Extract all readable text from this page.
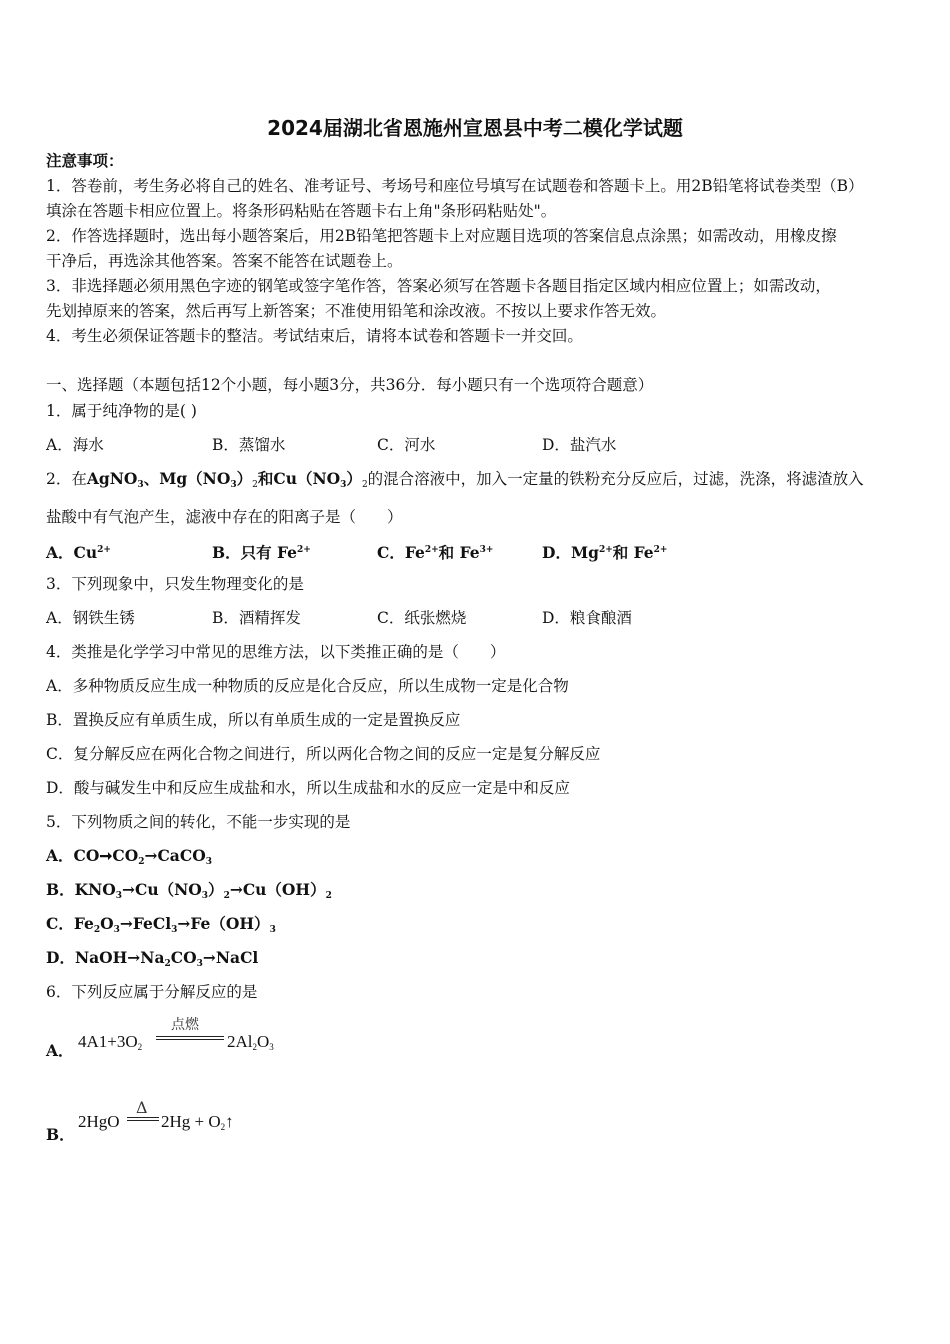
2024届湖北省恩施州宣恩县中考二模化学试题
注意事项：
1．答卷前，考生务必将自己的姓名、准考证号、考场号和座位号填写在试题卷和答题卡上。用2B铅笔将试卷类型（B）
填涂在答题卡相应位置上。将条形码粘贴在答题卡右上角"条形码粘贴处"。
2．作答选择题时，选出每小题答案后，用2B铅笔把答题卡上对应题目选项的答案信息点涂黑；如需改动，用橡皮擦
干净后，再选涂其他答案。答案不能答在试题卷上。
3．非选择题必须用黑色字迹的钢笔或签字笔作答，答案必须写在答题卡各题目指定区域内相应位置上；如需改动，
先划掉原来的答案，然后再写上新答案；不准使用铅笔和涂改液。不按以上要求作答无效。
4．考生必须保证答题卡的整洁。考试结束后，请将本试卷和答题卡一并交回。
一、选择题（本题包括12个小题，每小题3分，共36分．每小题只有一个选项符合题意）
1．属于纯净物的是( )
A．海水	B．蒸馏水	C．河水	D．盐汽水
2．在AgNO$_3$、$Mg(NO_3)_2$和$Cu(NO_3)_2$的混合溶液中，加入一定量的铁粉充分反应后，过滤，洗涤，将滤渣放入
盐酸中有气泡产生，滤液中存在的阳离子是（　　）
A．$Cu^{2+}$	B．只有 $Fe^{2+}$	C．$Fe^{2+}$和 $Fe^{3+}$	D．$Mg^{2+}$和 $Fe^{2+}$
3．下列现象中，只发生物理变化的是
A．钢铁生锈	B．酒精挥发	C．纸张燃烧	D．粮食酿酒
4．类推是化学学习中常见的思维方法，以下类推正确的是（　　）
A．多种物质反应生成一种物质的反应是化合反应，所以生成物一定是化合物
B．置换反应有单质生成，所以有单质生成的一定是置换反应
C．复分解反应在两化合物之间进行，所以两化合物之间的反应一定是复分解反应
D．酸与碱发生中和反应生成盐和水，所以生成盐和水的反应一定是中和反应
5．下列物质之间的转化，不能一步实现的是
A．$CO➞CO_2\to CaCO_3$
B．$KNO_3\to Cu(NO_3)_2\to Cu(OH)_2$
C．$Fe_2O_3\to FeCl_3\to Fe(OH)_3$
D．$NaOH\to Na_2CO_3\to NaCl$
6．下列反应属于分解反应的是
A． $4A1+3O_2$
点燃
$2Al_2O_3$
B．
2HgO
Δ
$2Hg + O_2↑$
